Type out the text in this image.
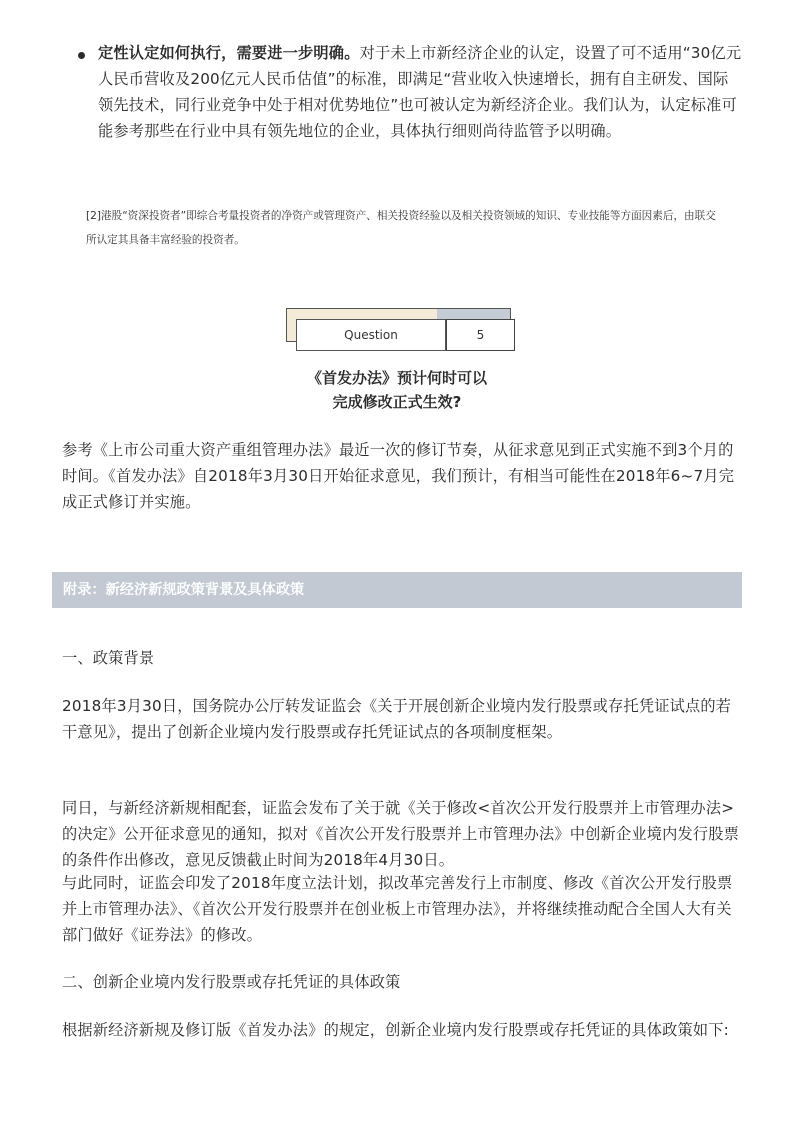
定性认定如何执行，需要进一步明确。对于未上市新经济企业的认定，设置了可不适用“30亿元人民币营收及200亿元人民币估值”的标准，即满足“营业收入快速增长，拥有自主研发、国际领先技术，同行业竞争中处于相对优势地位”也可被认定为新经济企业。我们认为，认定标准可能参考那些在行业中具有领先地位的企业，具体执行细则尚待监管予以明确。
[2]港股“资深投资者”即综合考量投资者的净资产或管理资产、相关投资经验以及相关投资领域的知识、专业技能等方面因素后，由联交所认定其具备丰富经验的投资者。
Question	5
《首发办法》预计何时可以
完成修改正式生效?
参考《上市公司重大资产重组管理办法》最近一次的修订节奏，从征求意见到正式实施不到3个月的时间。《首发办法》自2018年3月30日开始征求意见，我们预计，有相当可能性在2018年6~7月完成正式修订并实施。
附录：新经济新规政策背景及具体政策
一、政策背景
2018年3月30日，国务院办公厅转发证监会《关于开展创新企业境内发行股票或存托凭证试点的若干意见》，提出了创新企业境内发行股票或存托凭证试点的各项制度框架。
同日，与新经济新规相配套，证监会发布了关于就《关于修改<首次公开发行股票并上市管理办法>的决定》公开征求意见的通知，拟对《首次公开发行股票并上市管理办法》中创新企业境内发行股票的条件作出修改，意见反馈截止时间为2018年4月30日。
与此同时，证监会印发了2018年度立法计划，拟改革完善发行上市制度、修改《首次公开发行股票并上市管理办法》、《首次公开发行股票并在创业板上市管理办法》，并将继续推动配合全国人大有关部门做好《证券法》的修改。
二、创新企业境内发行股票或存托凭证的具体政策
根据新经济新规及修订版《首发办法》的规定，创新企业境内发行股票或存托凭证的具体政策如下:
